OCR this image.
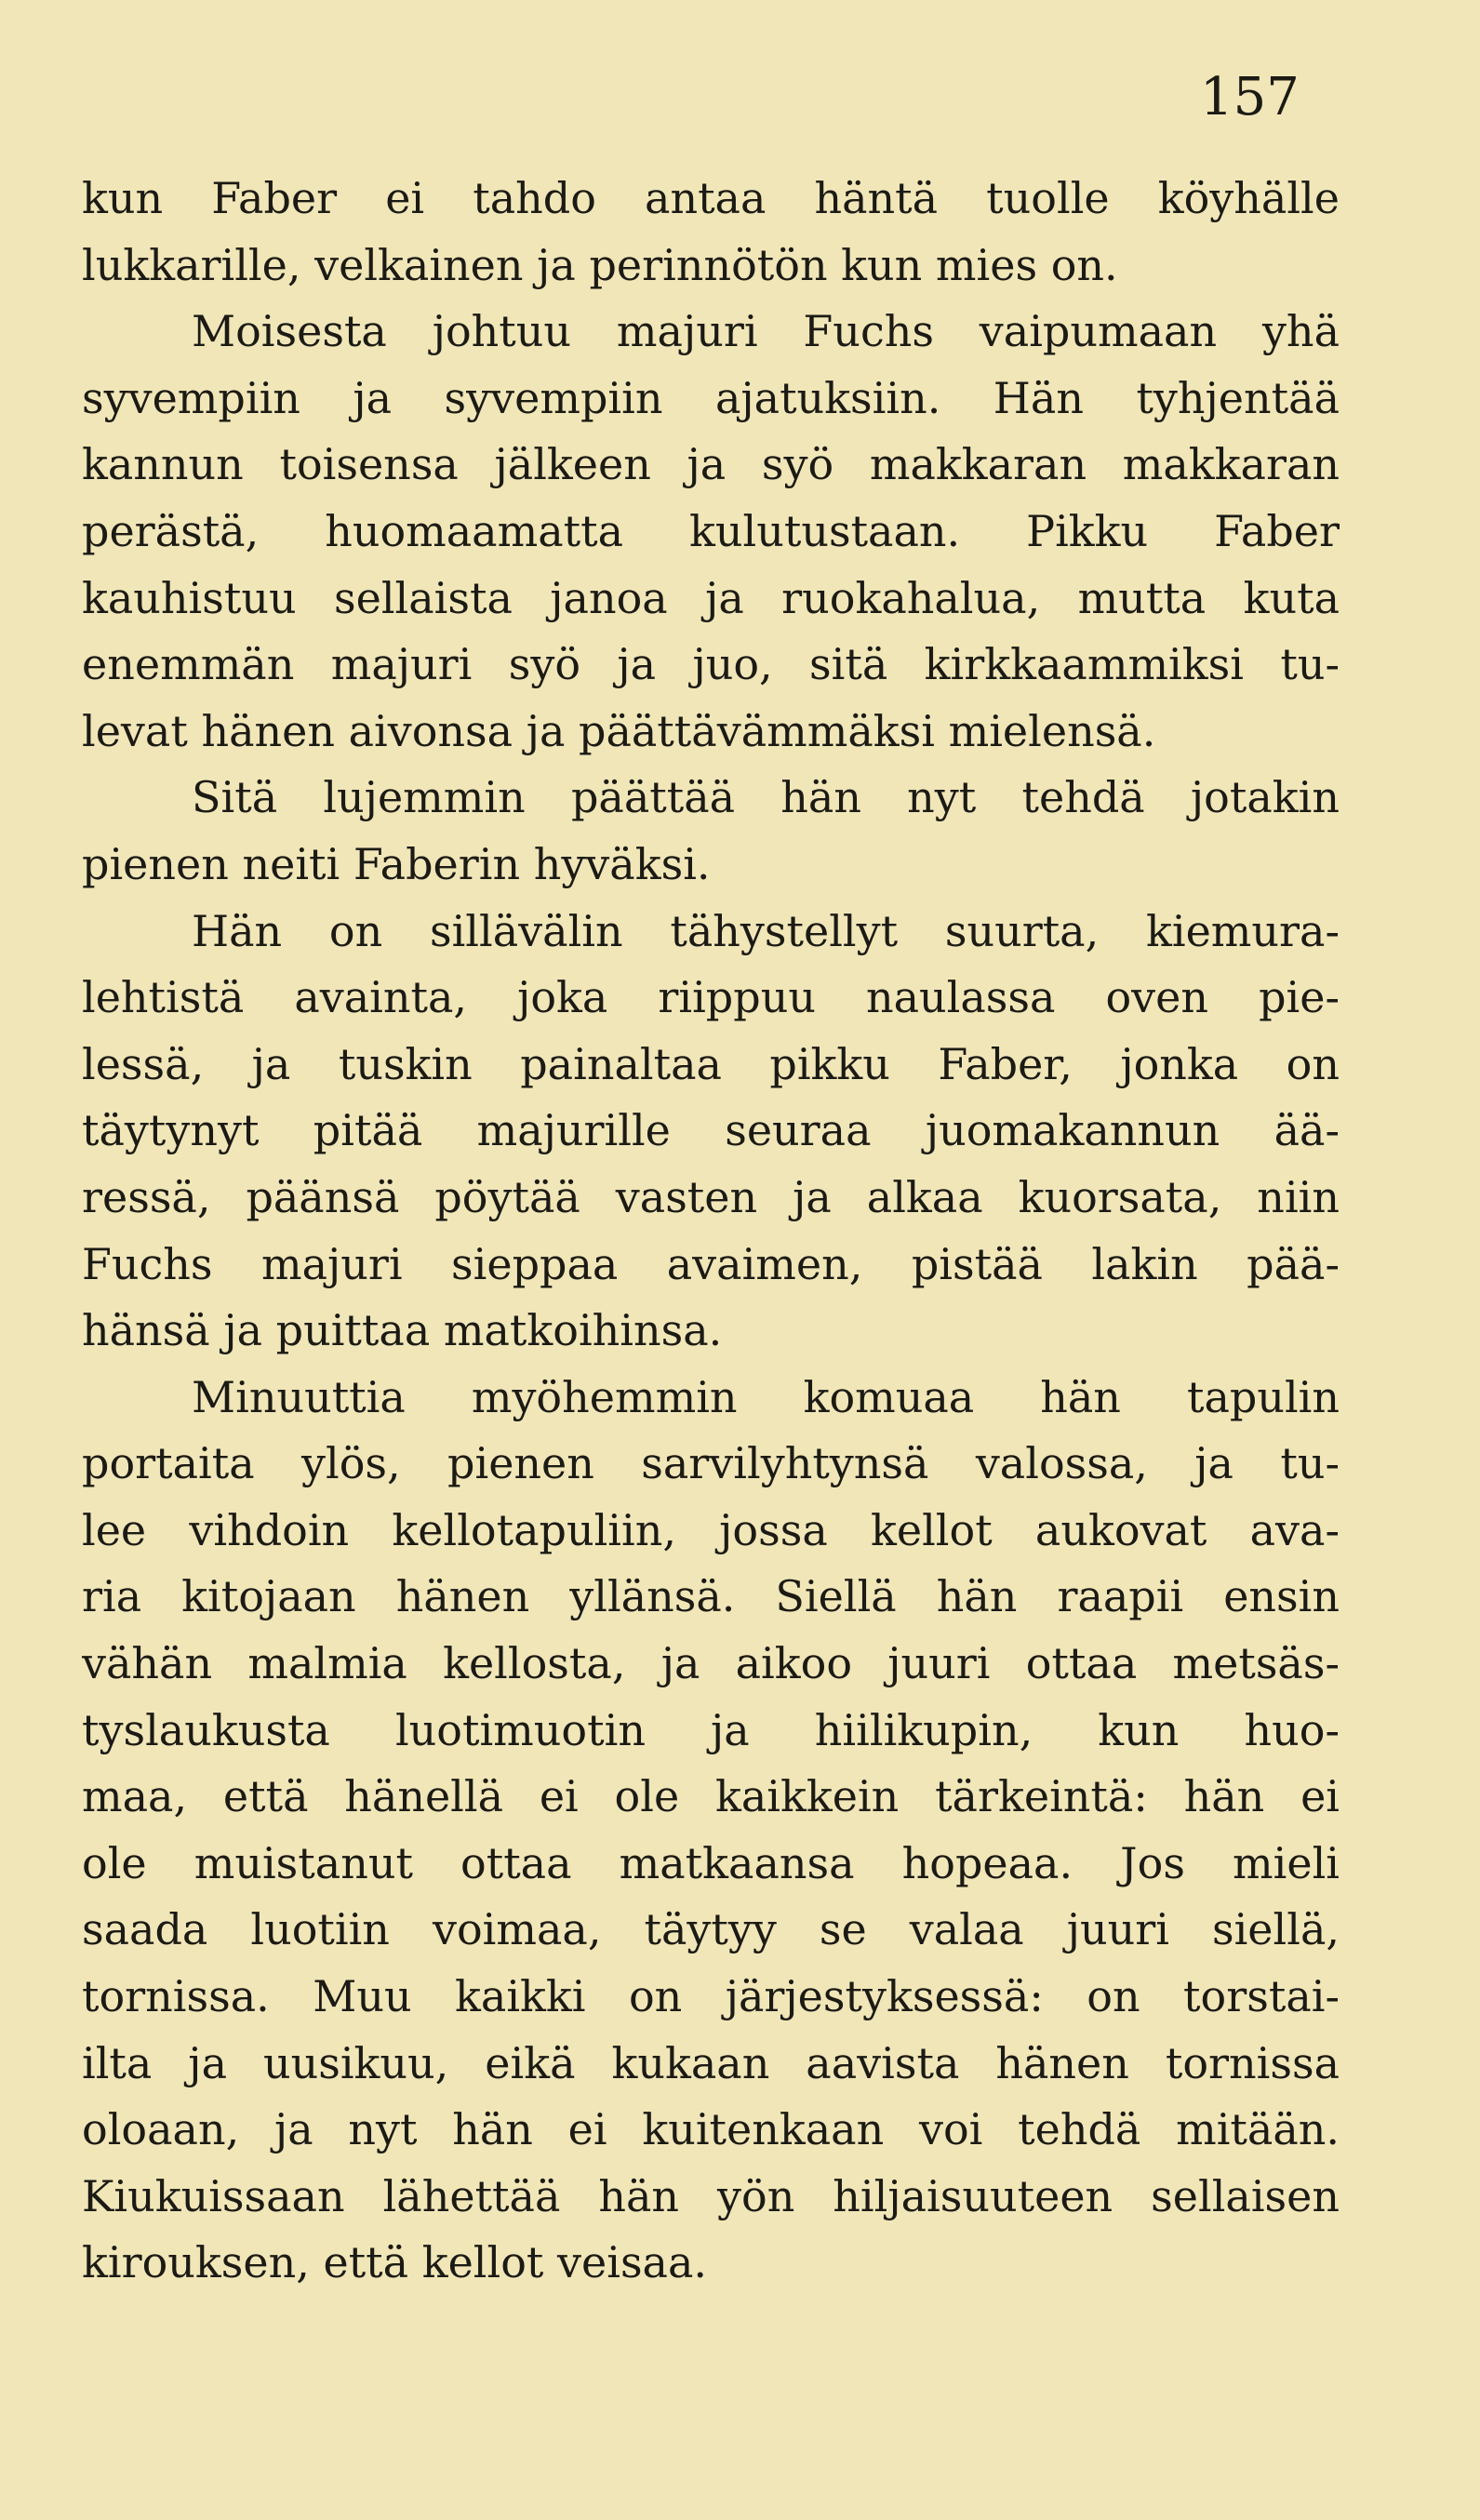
157
kun Faber ei tahdo antaa häntä tuolle köyhälle
lukkarille, velkainen ja perinnötön kun mies on.
Moisesta johtuu majuri Fuchs vaipumaan yhä
syvempiin ja syvempiin ajatuksiin. Hän tyhjentää
kannun toisensa jälkeen ja syö makkaran makkaran
perästä, huomaamatta kulutustaan. Pikku Faber
kauhistuu sellaista janoa ja ruokahalua, mutta kuta
enemmän majuri syö ja juo, sitä kirkkaammiksi tu-
levat hänen aivonsa ja päättävämmäksi mielensä.
Sitä lujemmin päättää hän nyt tehdä jotakin
pienen neiti Faberin hyväksi.
Hän on sillävälin tähystellyt suurta, kiemura-
lehtistä avainta, joka riippuu naulassa oven pie-
lessä, ja tuskin painaltaa pikku Faber, jonka on
täytynyt pitää majurille seuraa juomakannun ää-
ressä, päänsä pöytää vasten ja alkaa kuorsata, niin
Fuchs majuri sieppaa avaimen, pistää lakin pää-
hänsä ja puittaa matkoihinsa.
Minuuttia myöhemmin komuaa hän tapulin
portaita ylös, pienen sarvilyhtynsä valossa, ja tu-
lee vihdoin kellotapuliin, jossa kellot aukovat ava-
ria kitojaan hänen yllänsä. Siellä hän raapii ensin
vähän malmia kellosta, ja aikoo juuri ottaa metsäs-
tyslaukusta luotimuotin ja hiilikupin, kun huo-
maa, että hänellä ei ole kaikkein tärkeintä: hän ei
ole muistanut ottaa matkaansa hopeaa. Jos mieli
saada luotiin voimaa, täytyy se valaa juuri siellä,
tornissa. Muu kaikki on järjestyksessä: on torstai-
ilta ja uusikuu, eikä kukaan aavista hänen tornissa
oloaan, ja nyt hän ei kuitenkaan voi tehdä mitään.
Kiukuissaan lähettää hän yön hiljaisuuteen sellaisen
kirouksen, että kellot veisaa.
